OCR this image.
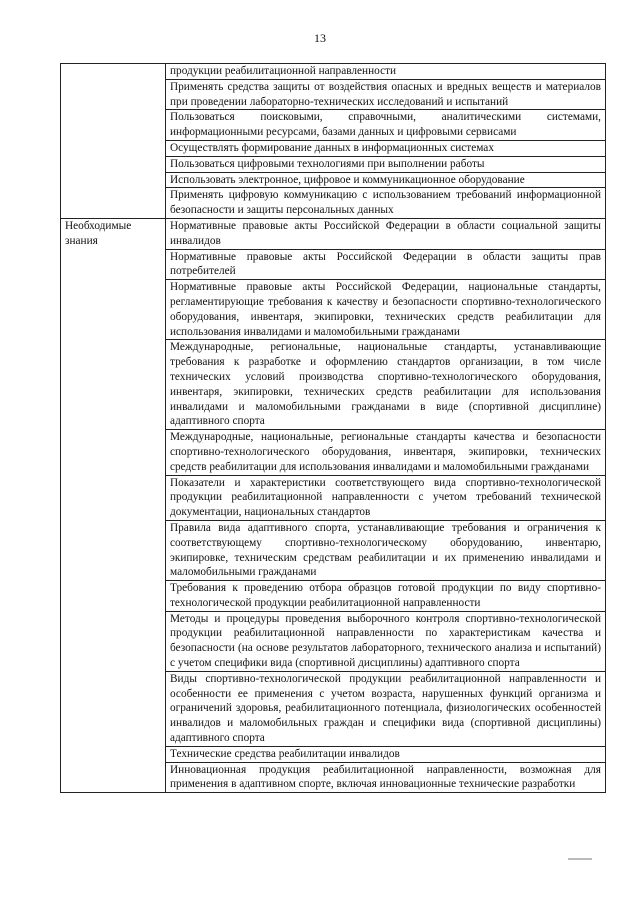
13
	продукции реабилитационной направленности
	Применять средства защиты от воздействия опасных и вредных веществ и материалов при проведении лабораторно-технических исследований и испытаний
	Пользоваться поисковыми, справочными, аналитическими системами, информационными ресурсами, базами данных и цифровыми сервисами
	Осуществлять формирование данных в информационных системах
	Пользоваться цифровыми технологиями при выполнении работы
	Использовать электронное, цифровое и коммуникационное оборудование
	Применять цифровую коммуникацию с использованием требований информационной безопасности и защиты персональных данных
Необходимые знания	Нормативные правовые акты Российской Федерации в области социальной защиты инвалидов
	Нормативные правовые акты Российской Федерации в области защиты прав потребителей
	Нормативные правовые акты Российской Федерации, национальные стандарты, регламентирующие требования к качеству и безопасности спортивно-технологического оборудования, инвентаря, экипировки, технических средств реабилитации для использования инвалидами и маломобильными гражданами
	Международные, региональные, национальные стандарты, устанавливающие требования к разработке и оформлению стандартов организации, в том числе технических условий производства спортивно-технологического оборудования, инвентаря, экипировки, технических средств реабилитации для использования инвалидами и маломобильными гражданами в виде (спортивной дисциплине) адаптивного спорта
	Международные, национальные, региональные стандарты качества и безопасности спортивно-технологического оборудования, инвентаря, экипировки, технических средств реабилитации для использования инвалидами и маломобильными гражданами
	Показатели и характеристики соответствующего вида спортивно-технологической продукции реабилитационной направленности с учетом требований технической документации, национальных стандартов
	Правила вида адаптивного спорта, устанавливающие требования и ограничения к соответствующему спортивно-технологическому оборудованию, инвентарю, экипировке, техническим средствам реабилитации и их применению инвалидами и маломобильными гражданами
	Требования к проведению отбора образцов готовой продукции по виду спортивно-технологической продукции реабилитационной направленности
	Методы и процедуры проведения выборочного контроля спортивно-технологической продукции реабилитационной направленности по характеристикам качества и безопасности (на основе результатов лабораторного, технического анализа и испытаний) с учетом специфики вида (спортивной дисциплины) адаптивного спорта
	Виды спортивно-технологической продукции реабилитационной направленности и особенности ее применения с учетом возраста, нарушенных функций организма и ограничений здоровья, реабилитационного потенциала, физиологических особенностей инвалидов и маломобильных граждан и специфики вида (спортивной дисциплины) адаптивного спорта
	Технические средства реабилитации инвалидов
	Инновационная продукция реабилитационной направленности, возможная для применения в адаптивном спорте, включая инновационные технические разработки
